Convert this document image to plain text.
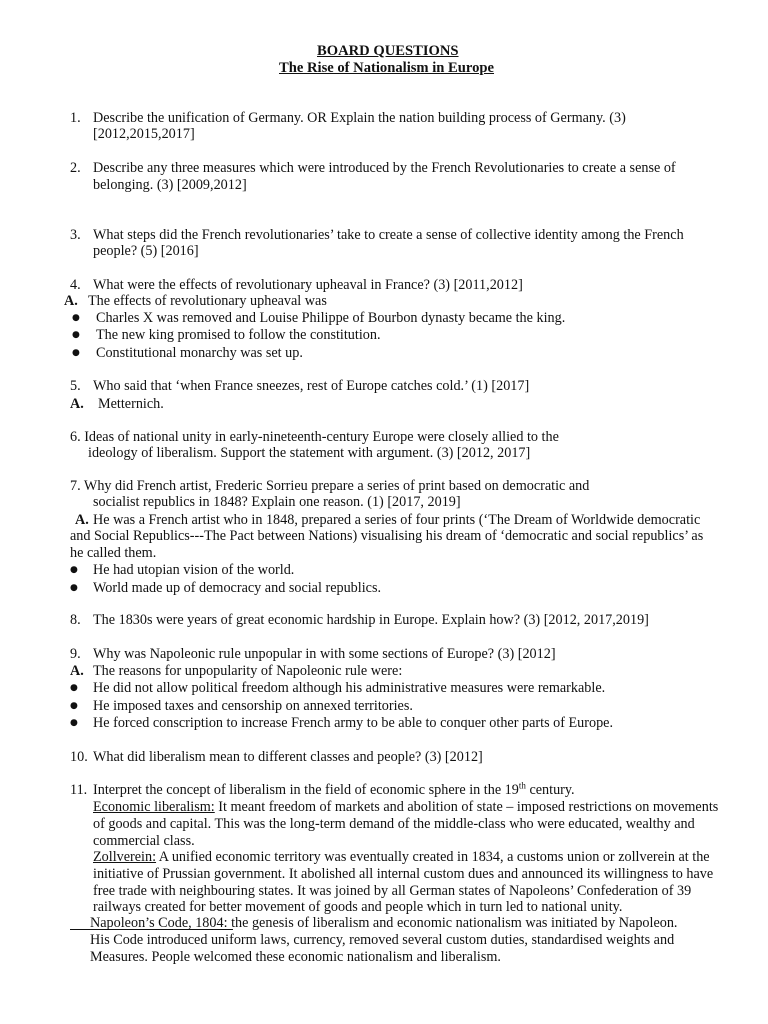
BOARD QUESTIONS
The Rise of Nationalism in Europe
1. Describe the unification of Germany. OR Explain the nation building process of Germany. (3)
[2012,2015,2017]
2. Describe any three measures which were introduced by the French Revolutionaries to create a sense of
belonging. (3) [2009,2012]
3. What steps did the French revolutionaries’ take to create a sense of collective identity among the French
people? (5) [2016]
4. What were the effects of revolutionary upheaval in France? (3) [2011,2012]
A. The effects of revolutionary upheaval was
● Charles X was removed and Louise Philippe of Bourbon dynasty became the king.
● The new king promised to follow the constitution.
● Constitutional monarchy was set up.
5. Who said that ‘when France sneezes, rest of Europe catches cold.’ (1) [2017]
A. Metternich.
6. Ideas of national unity in early-nineteenth-century Europe were closely allied to the
ideology of liberalism. Support the statement with argument. (3) [2012, 2017]
7. Why did French artist, Frederic Sorrieu prepare a series of print based on democratic and
socialist republics in 1848? Explain one reason. (1) [2017, 2019]
A. He was a French artist who in 1848, prepared a series of four prints (‘The Dream of Worldwide democratic
and Social Republics---The Pact between Nations) visualising his dream of ‘democratic and social republics’ as
he called them.
● He had utopian vision of the world.
● World made up of democracy and social republics.
8. The 1830s were years of great economic hardship in Europe. Explain how? (3) [2012, 2017,2019]
9. Why was Napoleonic rule unpopular in with some sections of Europe? (3) [2012]
A. The reasons for unpopularity of Napoleonic rule were:
● He did not allow political freedom although his administrative measures were remarkable.
● He imposed taxes and censorship on annexed territories.
● He forced conscription to increase French army to be able to conquer other parts of Europe.
10. What did liberalism mean to different classes and people? (3) [2012]
11. Interpret the concept of liberalism in the field of economic sphere in the 19th century.
Economic liberalism: It meant freedom of markets and abolition of state – imposed restrictions on movements
of goods and capital. This was the long-term demand of the middle-class who were educated, wealthy and
commercial class.
Zollverein: A unified economic territory was eventually created in 1834, a customs union or zollverein at the
initiative of Prussian government. It abolished all internal custom dues and announced its willingness to have
free trade with neighbouring states. It was joined by all German states of Napoleons’ Confederation of 39
railways created for better movement of goods and people which in turn led to national unity.
Napoleon’s Code, 1804: the genesis of liberalism and economic nationalism was initiated by Napoleon.
His Code introduced uniform laws, currency, removed several custom duties, standardised weights and
Measures. People welcomed these economic nationalism and liberalism.
